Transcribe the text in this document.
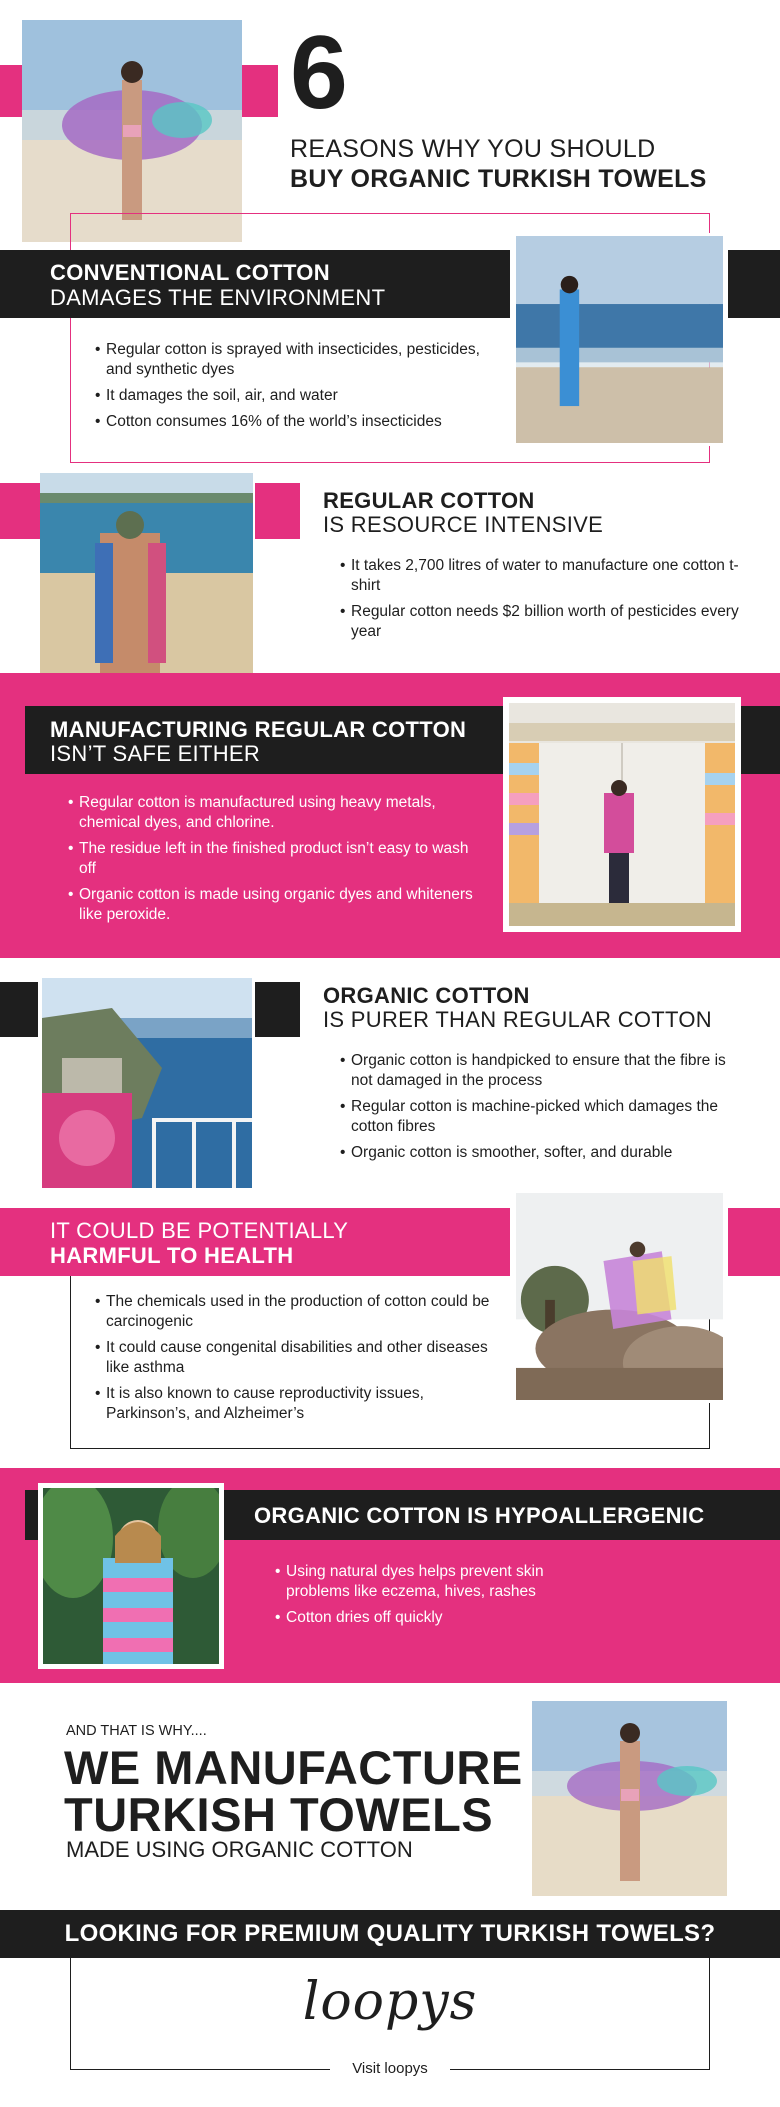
6
REASONS WHY YOU SHOULD
BUY ORGANIC TURKISH TOWELS
CONVENTIONAL COTTON
DAMAGES THE ENVIRONMENT
• Regular cotton is sprayed with insecticides, pesticides, and synthetic dyes
• It damages the soil, air, and water
• Cotton consumes 16% of the world’s insecticides
REGULAR COTTON
IS RESOURCE INTENSIVE
• It takes 2,700 litres of water to manufacture one cotton t-shirt
• Regular cotton needs $2 billion worth of pesticides every year
MANUFACTURING REGULAR COTTON
ISN’T SAFE EITHER
• Regular cotton is manufactured using heavy metals, chemical dyes, and chlorine.
• The residue left in the finished product isn’t easy to wash off
• Organic cotton is made using organic dyes and whiteners like peroxide.
ORGANIC COTTON
IS PURER THAN REGULAR COTTON
• Organic cotton is handpicked to ensure that the fibre is not damaged in the process
• Regular cotton is machine-picked which damages the cotton fibres
• Organic cotton is smoother, softer, and durable
IT COULD BE POTENTIALLY
HARMFUL TO HEALTH
• The chemicals used in the production of cotton could be carcinogenic
• It could cause congenital disabilities and other diseases like asthma
• It is also known to cause reproductivity issues, Parkinson’s, and Alzheimer’s
ORGANIC COTTON IS HYPOALLERGENIC
• Using natural dyes helps prevent skin problems like eczema, hives, rashes
• Cotton dries off quickly
AND THAT IS WHY....
WE MANUFACTURE
TURKISH TOWELS
MADE USING ORGANIC COTTON
LOOKING FOR PREMIUM QUALITY TURKISH TOWELS?
loopys
Visit loopys
